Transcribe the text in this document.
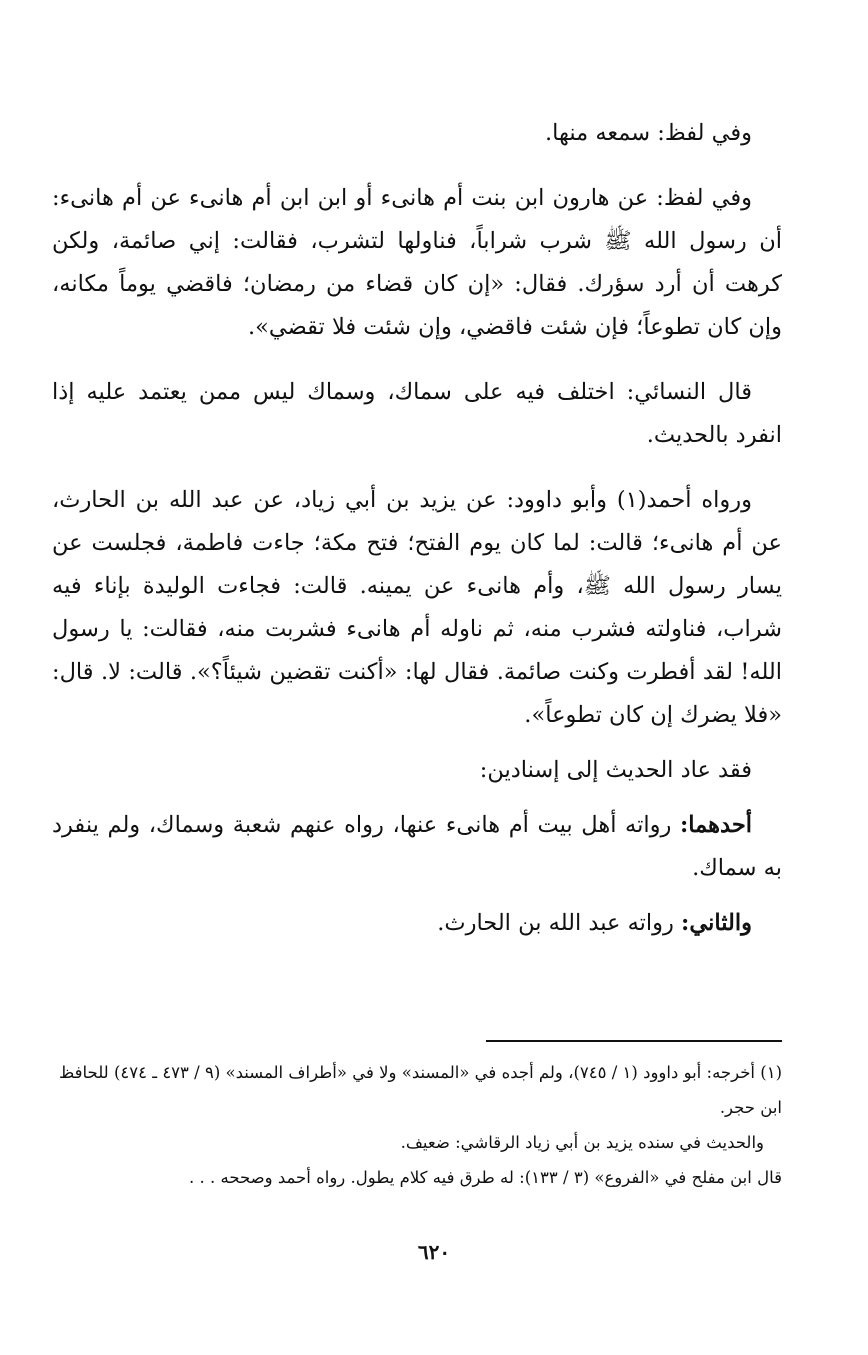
وفي لفظ: سمعه منها.

وفي لفظ: عن هارون ابن بنت أم هانىء أو ابن ابن أم هانىء عن أم هانىء: أن رسول الله ﷺ شرب شراباً، فناولها لتشرب، فقالت: إني صائمة، ولكن كرهت أن أرد سؤرك. فقال: «إن كان قضاء من رمضان؛ فاقضي يوماً مكانه، وإن كان تطوعاً؛ فإن شئت فاقضي، وإن شئت فلا تقضي».

قال النسائي: اختلف فيه على سماك، وسماك ليس ممن يعتمد عليه إذا انفرد بالحديث.

ورواه أحمد(١) وأبو داوود: عن يزيد بن أبي زياد، عن عبد الله بن الحارث، عن أم هانىء؛ قالت: لما كان يوم الفتح؛ فتح مكة؛ جاءت فاطمة، فجلست عن يسار رسول الله ﷺ، وأم هانىء عن يمينه. قالت: فجاءت الوليدة بإناء فيه شراب، فناولته فشرب منه، ثم ناوله أم هانىء فشربت منه، فقالت: يا رسول الله! لقد أفطرت وكنت صائمة. فقال لها: «أكنت تقضين شيئاً؟». قالت: لا. قال: «فلا يضرك إن كان تطوعاً».

فقد عاد الحديث إلى إسنادين:

أحدهما: رواته أهل بيت أم هانىء عنها، رواه عنهم شعبة وسماك، ولم ينفرد به سماك.

والثاني: رواته عبد الله بن الحارث.

(١) أخرجه: أبو داوود (١ / ٧٤٥)، ولم أجده في «المسند» ولا في «أطراف المسند» (٩ / ٤٧٣ ـ ٤٧٤) للحافظ ابن حجر.

والحديث في سنده يزيد بن أبي زياد الرقاشي: ضعيف.

قال ابن مفلح في «الفروع» (٣ / ١٣٣): له طرق فيه كلام يطول. رواه أحمد وصححه . . .

٦٢٠
